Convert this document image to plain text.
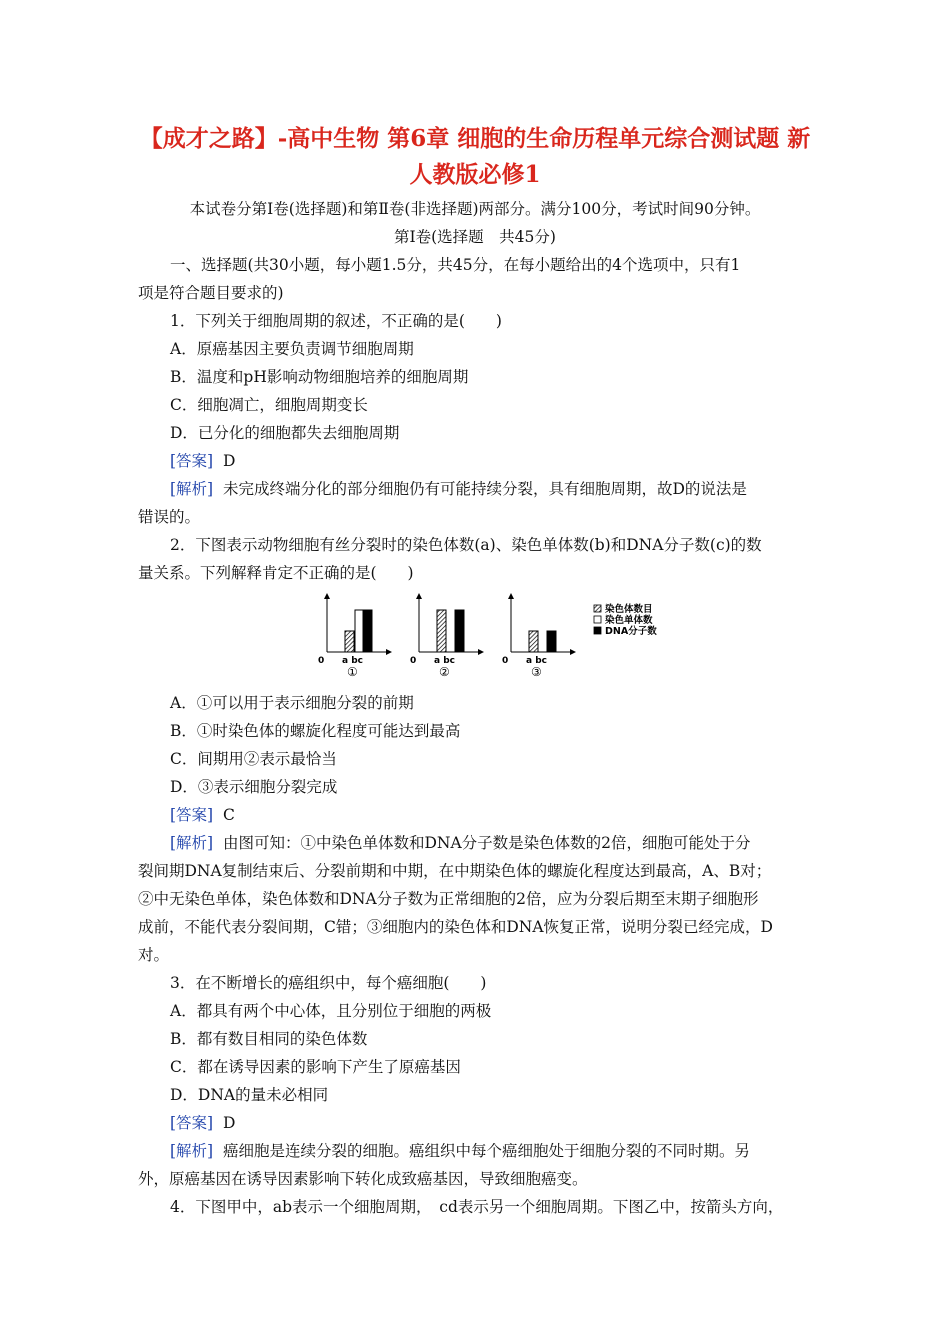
【成才之路】-高中生物 第6章 细胞的生命历程单元综合测试题 新
人教版必修1
本试卷分第Ⅰ卷(选择题)和第Ⅱ卷(非选择题)两部分。满分100分，考试时间90分钟。
第Ⅰ卷(选择题　共45分)
一、选择题(共30小题，每小题1.5分，共45分，在每小题给出的4个选项中，只有1
项是符合题目要求的)
1．下列关于细胞周期的叙述，不正确的是(　　)
A．原癌基因主要负责调节细胞周期
B．温度和pH影响动物细胞培养的细胞周期
C．细胞凋亡，细胞周期变长
D．已分化的细胞都失去细胞周期
[答案] D
[解析] 未完成终端分化的部分细胞仍有可能持续分裂，具有细胞周期，故D的说法是
错误的。
2．下图表示动物细胞有丝分裂时的染色体数(a)、染色单体数(b)和DNA分子数(c)的数
量关系。下列解释肯定不正确的是(　　)
0 a bc
①
0 a bc
②
0 a bc
③
染色体数目
染色单体数
DNA分子数
A．①可以用于表示细胞分裂的前期
B．①时染色体的螺旋化程度可能达到最高
C．间期用②表示最恰当
D．③表示细胞分裂完成
[答案] C
[解析] 由图可知：①中染色单体数和DNA分子数是染色体数的2倍，细胞可能处于分
裂间期DNA复制结束后、分裂前期和中期，在中期染色体的螺旋化程度达到最高，A、B对；
②中无染色单体，染色体数和DNA分子数为正常细胞的2倍，应为分裂后期至末期子细胞形
成前，不能代表分裂间期，C错；③细胞内的染色体和DNA恢复正常，说明分裂已经完成，D
对。
3．在不断增长的癌组织中，每个癌细胞(　　)
A．都具有两个中心体，且分别位于细胞的两极
B．都有数目相同的染色体数
C．都在诱导因素的影响下产生了原癌基因
D．DNA的量未必相同
[答案] D
[解析] 癌细胞是连续分裂的细胞。癌组织中每个癌细胞处于细胞分裂的不同时期。另
外，原癌基因在诱导因素影响下转化成致癌基因，导致细胞癌变。
4．下图甲中，ab表示一个细胞周期，　cd表示另一个细胞周期。下图乙中，按箭头方向，
